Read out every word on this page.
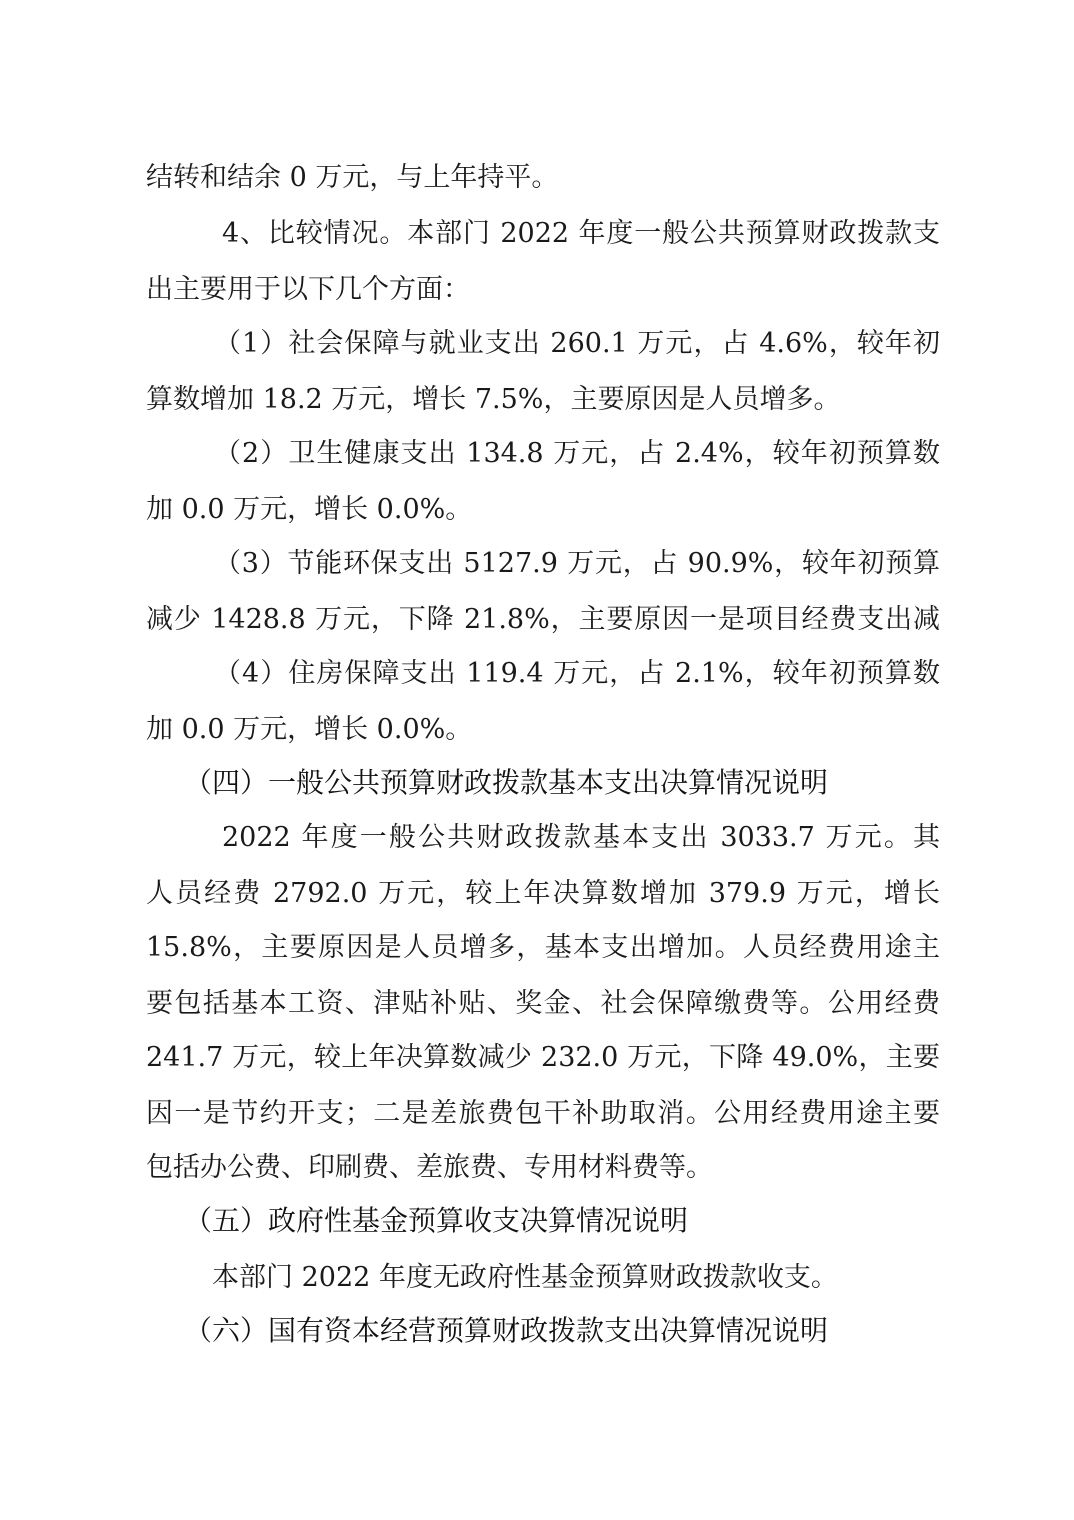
结转和结余 0 万元，与上年持平。
4、比较情况。本部门 2022 年度一般公共预算财政拨款支
出主要用于以下几个方面：
（1）社会保障与就业支出 260.1 万元，占 4.6%，较年初
算数增加 18.2 万元，增长 7.5%，主要原因是人员增多。
（2）卫生健康支出 134.8 万元，占 2.4%，较年初预算数
加 0.0 万元，增长 0.0%。
（3）节能环保支出 5127.9 万元，占 90.9%，较年初预算
减少 1428.8 万元，下降 21.8%，主要原因一是项目经费支出减
（4）住房保障支出 119.4 万元，占 2.1%，较年初预算数
加 0.0 万元，增长 0.0%。
（四）一般公共预算财政拨款基本支出决算情况说明
2022 年度一般公共财政拨款基本支出 3033.7 万元。其
人员经费 2792.0 万元，较上年决算数增加 379.9 万元，增长
15.8%，主要原因是人员增多，基本支出增加。人员经费用途主
要包括基本工资、津贴补贴、奖金、社会保障缴费等。公用经费
241.7 万元，较上年决算数减少 232.0 万元，下降 49.0%，主要
因一是节约开支；二是差旅费包干补助取消。公用经费用途主要
包括办公费、印刷费、差旅费、专用材料费等。
（五）政府性基金预算收支决算情况说明
本部门 2022 年度无政府性基金预算财政拨款收支。
（六）国有资本经营预算财政拨款支出决算情况说明
